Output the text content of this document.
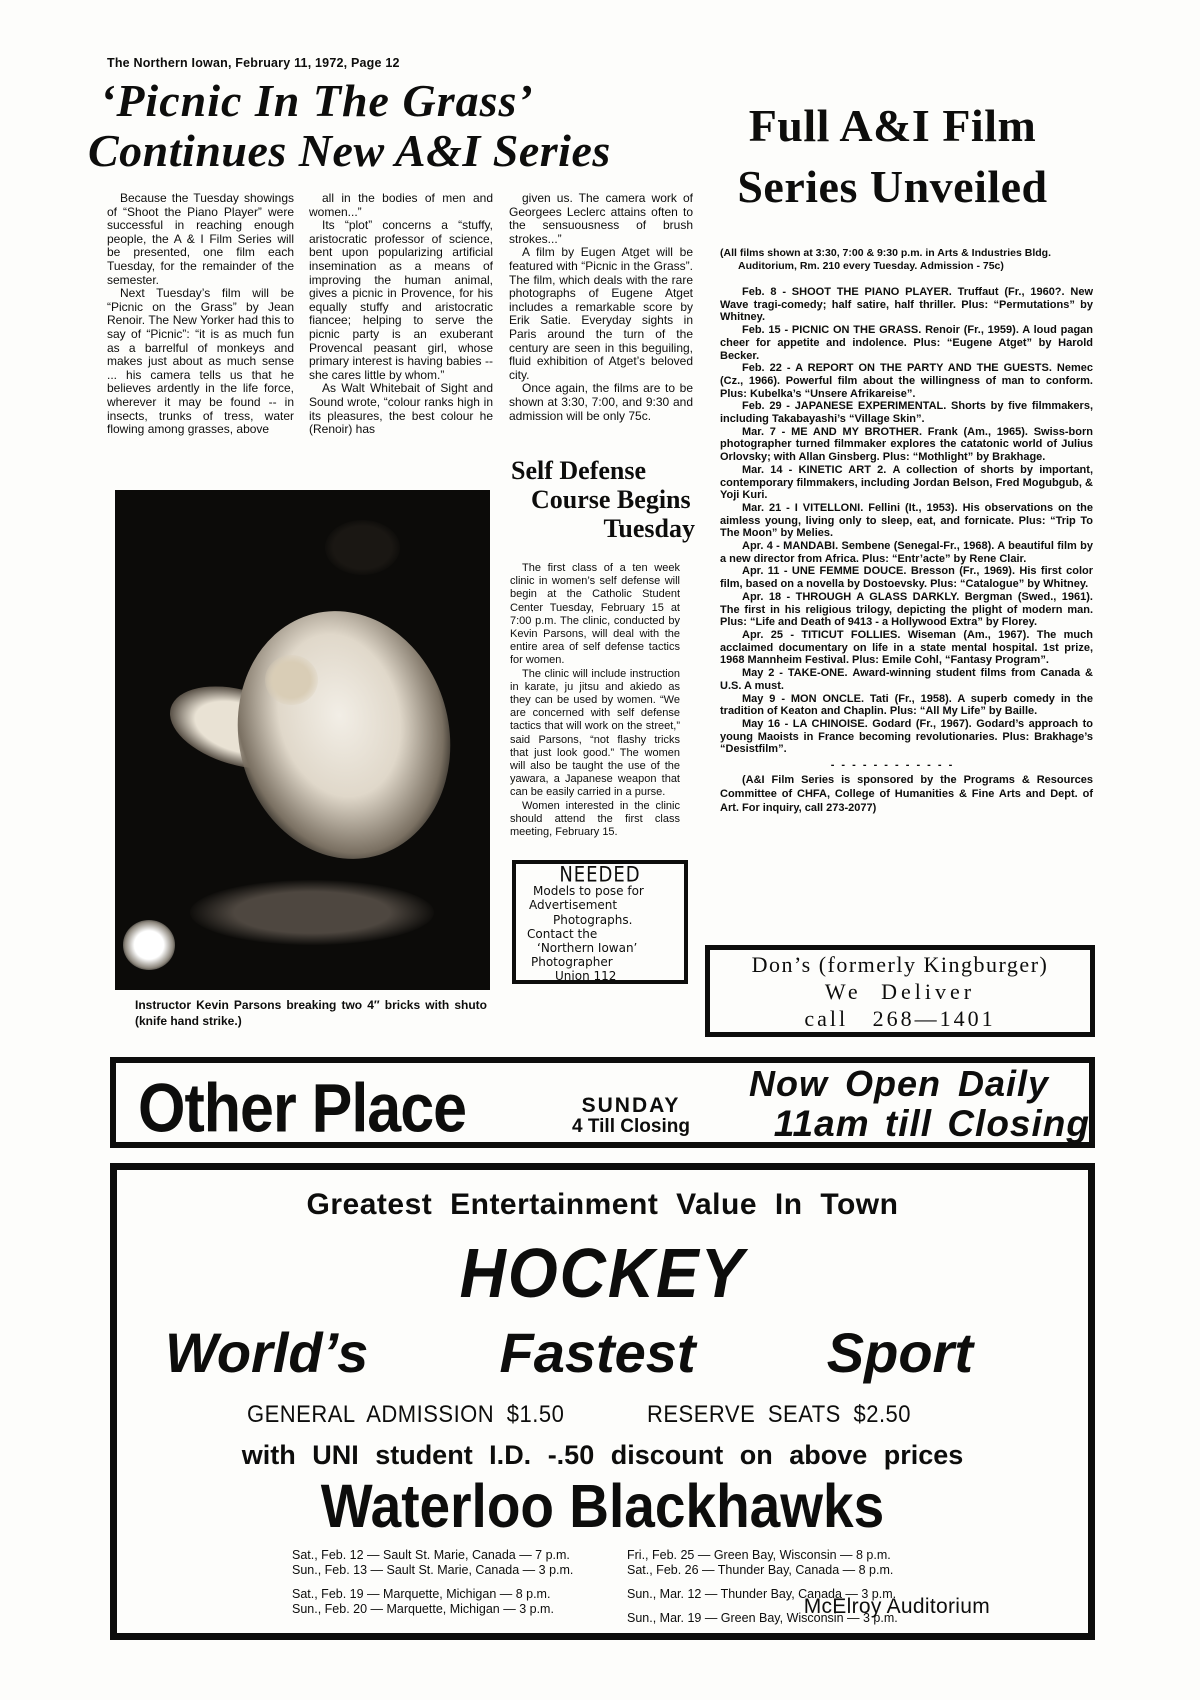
The Northern Iowan, February 11, 1972, Page 12
‘Picnic In The Grass’
Continues New A&I Series

Because the Tuesday showings of “Shoot the Piano Player” were successful in reaching enough people, the A & I Film Series will be presented, one film each Tuesday, for the remainder of the semester.

Next Tuesday’s film will be “Picnic on the Grass” by Jean Renoir. The New Yorker had this to say of “Picnic”: “it is as much fun as a barrelful of monkeys and makes just about as much sense ... his camera tells us that he believes ardently in the life force, wherever it may be found -- in insects, trunks of tress, water flowing among grasses, above

all in the bodies of men and women...”

Its “plot” concerns a “stuffy, aristocratic professor of science, bent upon popularizing artificial insemination as a means of improving the human animal, gives a picnic in Provence, for his equally stuffy and aristocratic fiancee; helping to serve the picnic party is an exuberant Provencal peasant girl, whose primary interest is having babies -- she cares little by whom.”

As Walt Whitebait of Sight and Sound wrote, “colour ranks high in its pleasures, the best colour he (Renoir) has

given us. The camera work of Georgees Leclerc attains often to the sensuousness of brush strokes...”

A film by Eugen Atget will be featured with “Picnic in the Grass”. The film, which deals with the rare photographs of Eugene Atget includes a remarkable score by Erik Satie. Everyday sights in Paris around the turn of the century are seen in this beguiling, fluid exhibition of Atget’s beloved city.

Once again, the films are to be shown at 3:30, 7:00, and 9:30 and admission will be only 75c.

Instructor Kevin Parsons breaking two 4″ bricks with shuto (knife hand strike.)
Self Defense
Course Begins
Tuesday

The first class of a ten week clinic in women’s self defense will begin at the Catholic Student Center Tuesday, February 15 at 7:00 p.m. The clinic, conducted by Kevin Parsons, will deal with the entire area of self defense tactics for women.

The clinic will include instruction in karate, ju jitsu and akiedo as they can be used by women. “We are concerned with self defense tactics that will work on the street,” said Parsons, “not flashy tricks that just look good.” The women will also be taught the use of the yawara, a Japanese weapon that can be easily carried in a purse.

Women interested in the clinic should attend the first class meeting, February 15.

NEEDED

Models to pose for

Advertisement

Photographs.

Contact the

‘Northern Iowan’

Photographer

Union 112

Full A&I Film
Series Unveiled
(All films shown at 3:30, 7:00 & 9:30 p.m. in Arts & Industries Bldg. Auditorium, Rm. 210 every Tuesday. Admission - 75c)

Feb. 8 - SHOOT THE PIANO PLAYER. Truffaut (Fr., 1960?. New Wave tragi-comedy; half satire, half thriller. Plus: “Permutations” by Whitney.

Feb. 15 - PICNIC ON THE GRASS. Renoir (Fr., 1959). A loud pagan cheer for appetite and indolence. Plus: “Eugene Atget” by Harold Becker.

Feb. 22 - A REPORT ON THE PARTY AND THE GUESTS. Nemec (Cz., 1966). Powerful film about the willingness of man to conform. Plus: Kubelka’s “Unsere Afrikareise”.

Feb. 29 - JAPANESE EXPERIMENTAL. Shorts by five filmmakers, including Takabayashi’s “Village Skin”.

Mar. 7 - ME AND MY BROTHER. Frank (Am., 1965). Swiss-born photographer turned filmmaker explores the catatonic world of Julius Orlovsky; with Allan Ginsberg. Plus: “Mothlight” by Brakhage.

Mar. 14 - KINETIC ART 2. A collection of shorts by important, contemporary filmmakers, including Jordan Belson, Fred Mogubgub, & Yoji Kuri.

Mar. 21 - I VITELLONI. Fellini (It., 1953). His observations on the aimless young, living only to sleep, eat, and fornicate. Plus: “Trip To The Moon” by Melies.

Apr. 4 - MANDABI. Sembene (Senegal-Fr., 1968). A beautiful film by a new director from Africa. Plus: “Entr’acte” by Rene Clair.

Apr. 11 - UNE FEMME DOUCE. Bresson (Fr., 1969). His first color film, based on a novella by Dostoevsky. Plus: “Catalogue” by Whitney.

Apr. 18 - THROUGH A GLASS DARKLY. Bergman (Swed., 1961). The first in his religious trilogy, depicting the plight of modern man. Plus: “Life and Death of 9413 - a Hollywood Extra” by Florey.

Apr. 25 - TITICUT FOLLIES. Wiseman (Am., 1967). The much acclaimed documentary on life in a state mental hospital. 1st prize, 1968 Mannheim Festival. Plus: Emile Cohl, “Fantasy Program”.

May 2 - TAKE-ONE. Award-winning student films from Canada & U.S. A must.

May 9 - MON ONCLE. Tati (Fr., 1958). A superb comedy in the tradition of Keaton and Chaplin. Plus: “All My Life” by Baille.

May 16 - LA CHINOISE. Godard (Fr., 1967). Godard’s approach to young Maoists in France becoming revolutionaries. Plus: Brakhage’s “Desistfilm”.

- - - - - - - - - - - -
(A&I Film Series is sponsored by the Programs & Resources Committee of CHFA, College of Humanities & Fine Arts and Dept. of Art. For inquiry, call 273-2077)
Don’s (formerly Kingburger)
We Deliver
call 268—1401
Other Place	SUNDAY
4 Till Closing
Now Open Daily
11am till Closing
Greatest Entertainment Value In Town
HOCKEY
World’s Fastest Sport
GENERAL ADMISSION $1.50	RESERVE SEATS $2.50
with UNI student I.D. -.50 discount on above prices
Waterloo Blackhawks

Sat., Feb. 12 — Sault St. Marie, Canada — 7 p.m.

Sun., Feb. 13 — Sault St. Marie, Canada — 3 p.m.

Sat., Feb. 19 — Marquette, Michigan — 8 p.m.

Sun., Feb. 20 — Marquette, Michigan — 3 p.m.

Fri., Feb. 25 — Green Bay, Wisconsin — 8 p.m.

Sat., Feb. 26 — Thunder Bay, Canada — 8 p.m.

Sun., Mar. 12 — Thunder Bay, Canada — 3 p.m.

Sun., Mar. 19 — Green Bay, Wisconsin — 3 p.m.

McElroy Auditorium
